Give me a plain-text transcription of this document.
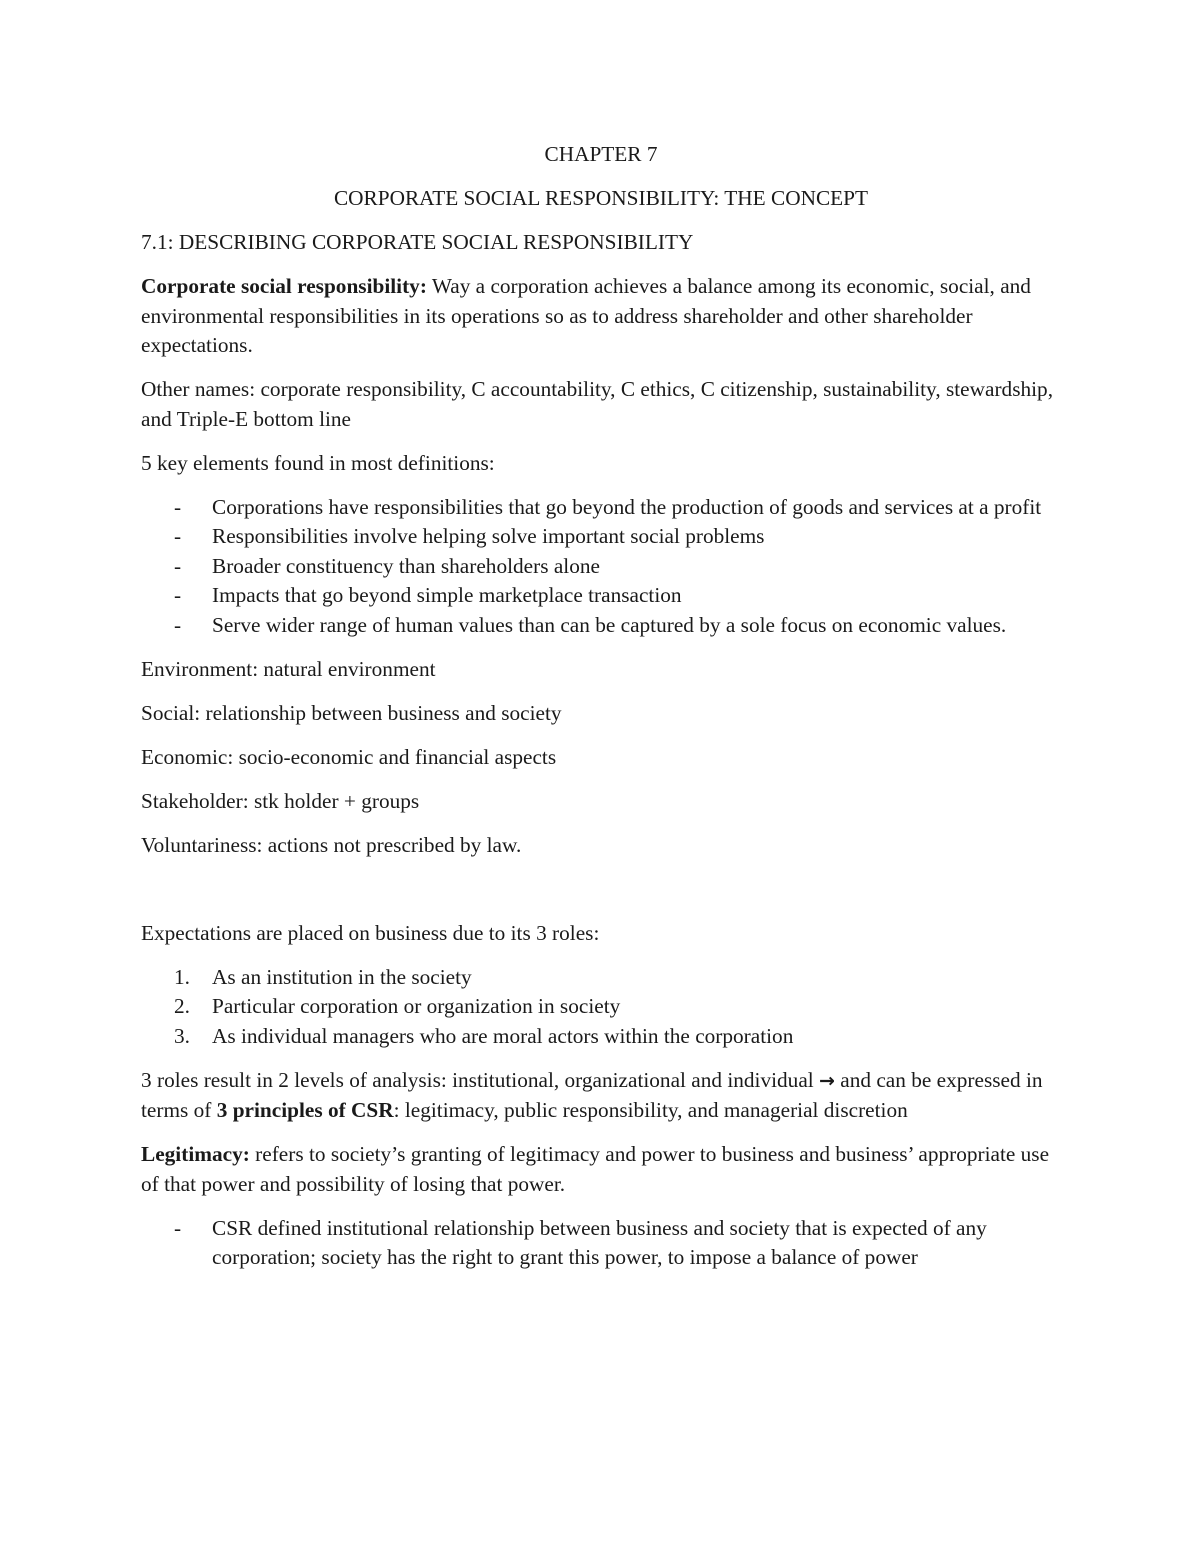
CHAPTER 7

CORPORATE SOCIAL RESPONSIBILITY: THE CONCEPT

7.1: DESCRIBING CORPORATE SOCIAL RESPONSIBILITY

Corporate social responsibility: Way a corporation achieves a balance among its economic, social, and environmental responsibilities in its operations so as to address shareholder and other shareholder expectations.

Other names: corporate responsibility, C accountability, C ethics, C citizenship, sustainability, stewardship, and Triple-E bottom line

5 key elements found in most definitions:

- Corporations have responsibilities that go beyond the production of goods and services at a profit
- Responsibilities involve helping solve important social problems
- Broader constituency than shareholders alone
- Impacts that go beyond simple marketplace transaction
- Serve wider range of human values than can be captured by a sole focus on economic values.

Environment: natural environment

Social: relationship between business and society

Economic: socio-economic and financial aspects

Stakeholder: stk holder + groups

Voluntariness: actions not prescribed by law.

Expectations are placed on business due to its 3 roles:

1. As an institution in the society
2. Particular corporation or organization in society
3. As individual managers who are moral actors within the corporation

3 roles result in 2 levels of analysis: institutional, organizational and individual → and can be expressed in terms of 3 principles of CSR: legitimacy, public responsibility, and managerial discretion

Legitimacy: refers to society’s granting of legitimacy and power to business and business’ appropriate use of that power and possibility of losing that power.

- CSR defined institutional relationship between business and society that is expected of any corporation; society has the right to grant this power, to impose a balance of power
